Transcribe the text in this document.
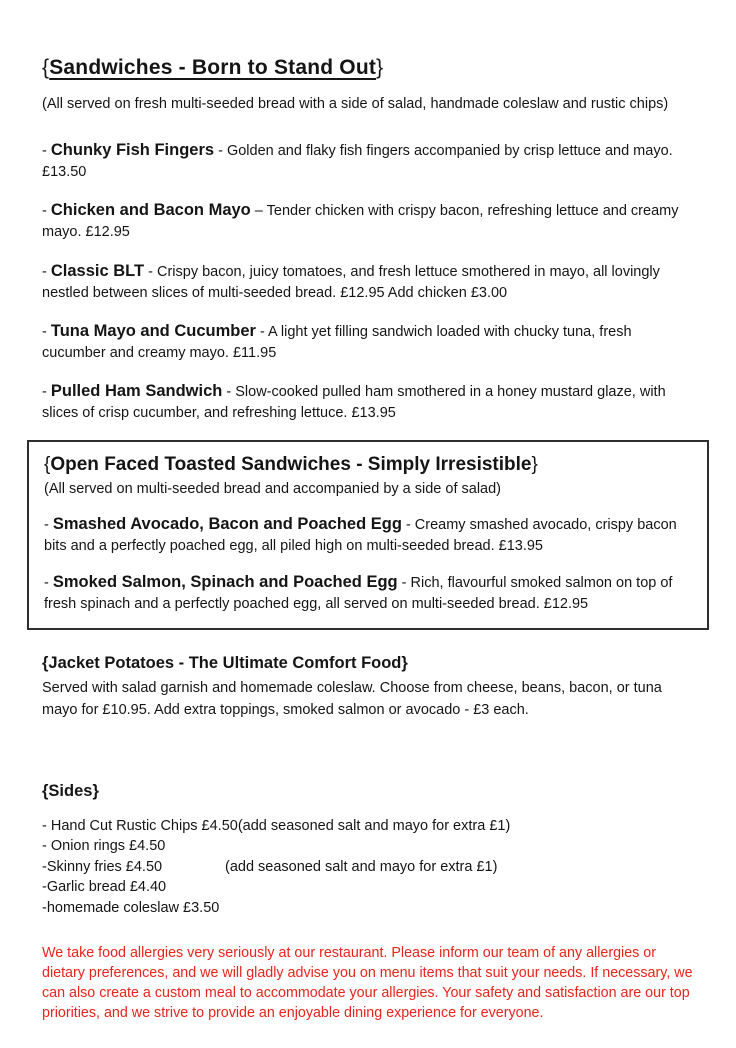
{Sandwiches - Born to Stand Out}

(All served on fresh multi-seeded bread with a side of salad, handmade coleslaw and rustic chips)

- Chunky Fish Fingers - Golden and flaky fish fingers accompanied by crisp lettuce and mayo. £13.50

- Chicken and Bacon Mayo – Tender chicken with crispy bacon, refreshing lettuce and creamy mayo. £12.95

- Classic BLT - Crispy bacon, juicy tomatoes, and fresh lettuce smothered in mayo, all lovingly nestled between slices of multi-seeded bread. £12.95 Add chicken £3.00

- Tuna Mayo and Cucumber - A light yet filling sandwich loaded with chucky tuna, fresh cucumber and creamy mayo. £11.95

- Pulled Ham Sandwich - Slow-cooked pulled ham smothered in a honey mustard glaze, with slices of crisp cucumber, and refreshing lettuce. £13.95

{Open Faced Toasted Sandwiches - Simply Irresistible}

(All served on multi-seeded bread and accompanied by a side of salad)

- Smashed Avocado, Bacon and Poached Egg - Creamy smashed avocado, crispy bacon bits and a perfectly poached egg, all piled high on multi-seeded bread. £13.95

- Smoked Salmon, Spinach and Poached Egg - Rich, flavourful smoked salmon on top of fresh spinach and a perfectly poached egg, all served on multi-seeded bread. £12.95

{Jacket Potatoes - The Ultimate Comfort Food}

Served with salad garnish and homemade coleslaw. Choose from cheese, beans, bacon, or tuna mayo for £10.95. Add extra toppings, smoked salmon or avocado - £3 each.

{Sides}

- Hand Cut Rustic Chips £4.50(add seasoned salt and mayo for extra £1)

- Onion rings £4.50

-Skinny fries £4.50	(add seasoned salt and mayo for extra £1)

-Garlic bread £4.40

-homemade coleslaw £3.50

We take food allergies very seriously at our restaurant. Please inform our team of any allergies or dietary preferences, and we will gladly advise you on menu items that suit your needs. If necessary, we can also create a custom meal to accommodate your allergies. Your safety and satisfaction are our top priorities, and we strive to provide an enjoyable dining experience for everyone.
